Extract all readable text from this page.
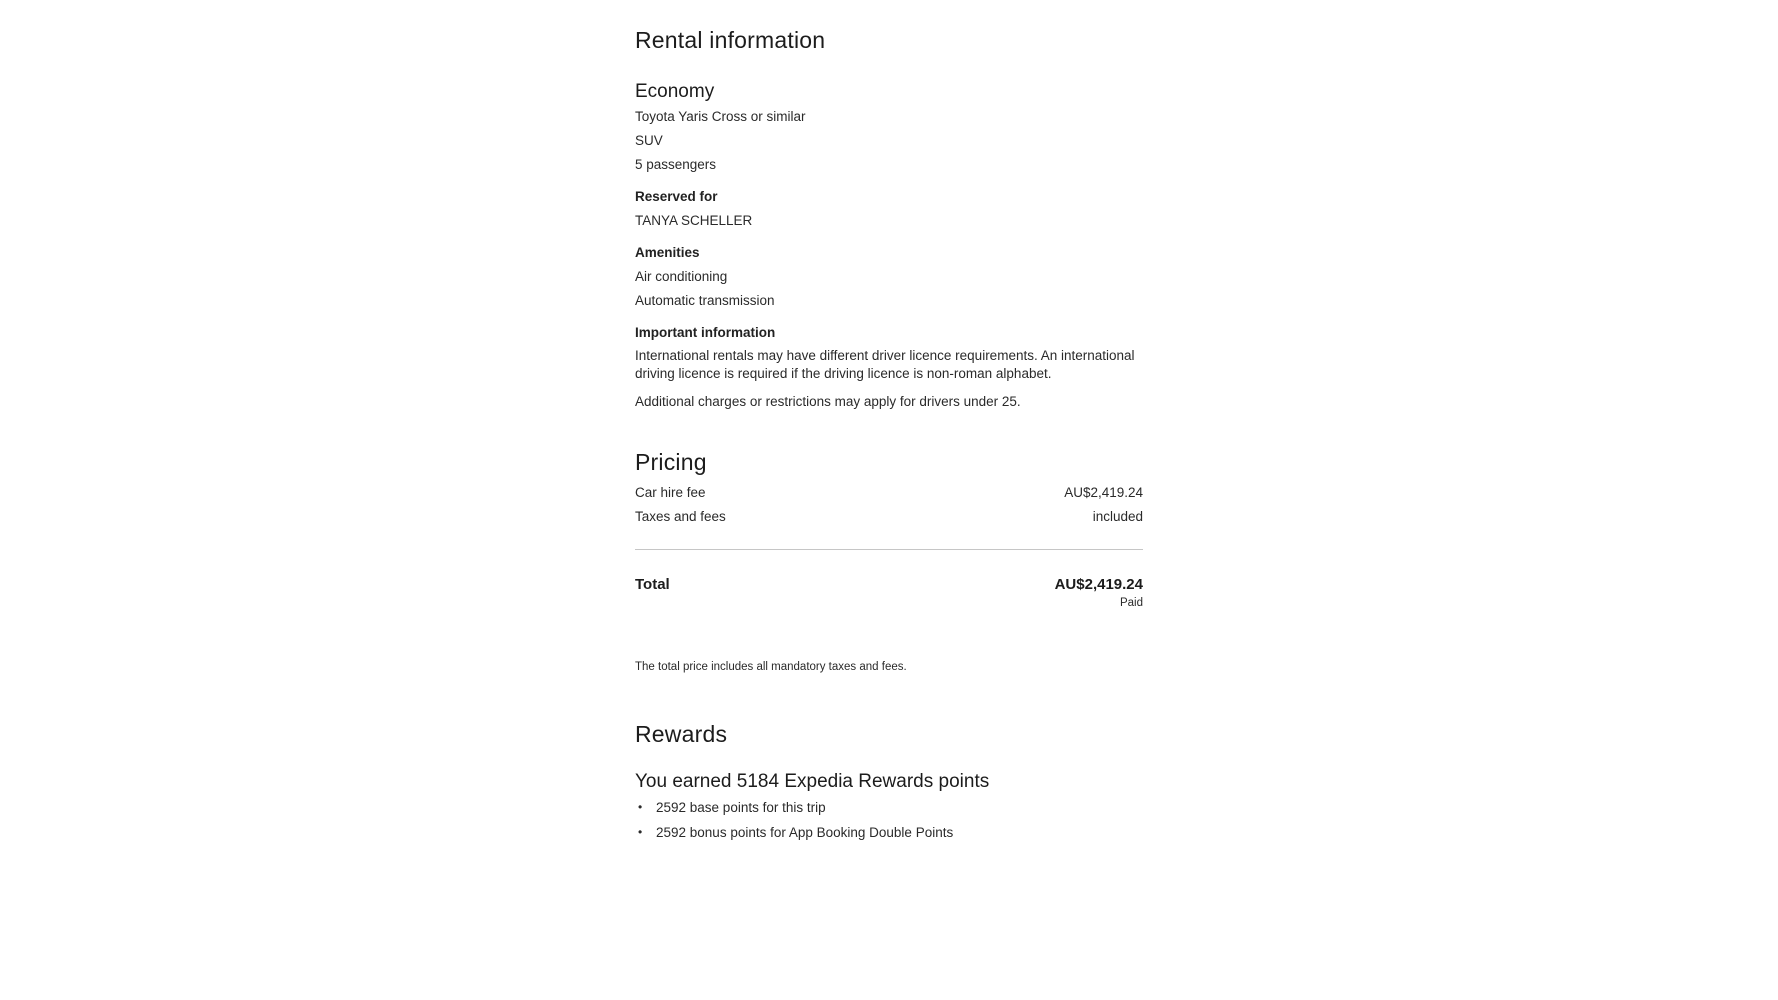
Rental information
Economy

Toyota Yaris Cross or similar

SUV

5 passengers

Reserved for

TANYA SCHELLER

Amenities

Air conditioning

Automatic transmission

Important information

International rentals may have different driver licence requirements. An international driving licence is required if the driving licence is non-roman alphabet.

Additional charges or restrictions may apply for drivers under 25.

Pricing
Car hire fee	AU$2,419.24
Taxes and fees	included
Total	AU$2,419.24
Paid

The total price includes all mandatory taxes and fees.

Rewards
You earned 5184 Expedia Rewards points
• 2592 base points for this trip
• 2592 bonus points for App Booking Double Points
